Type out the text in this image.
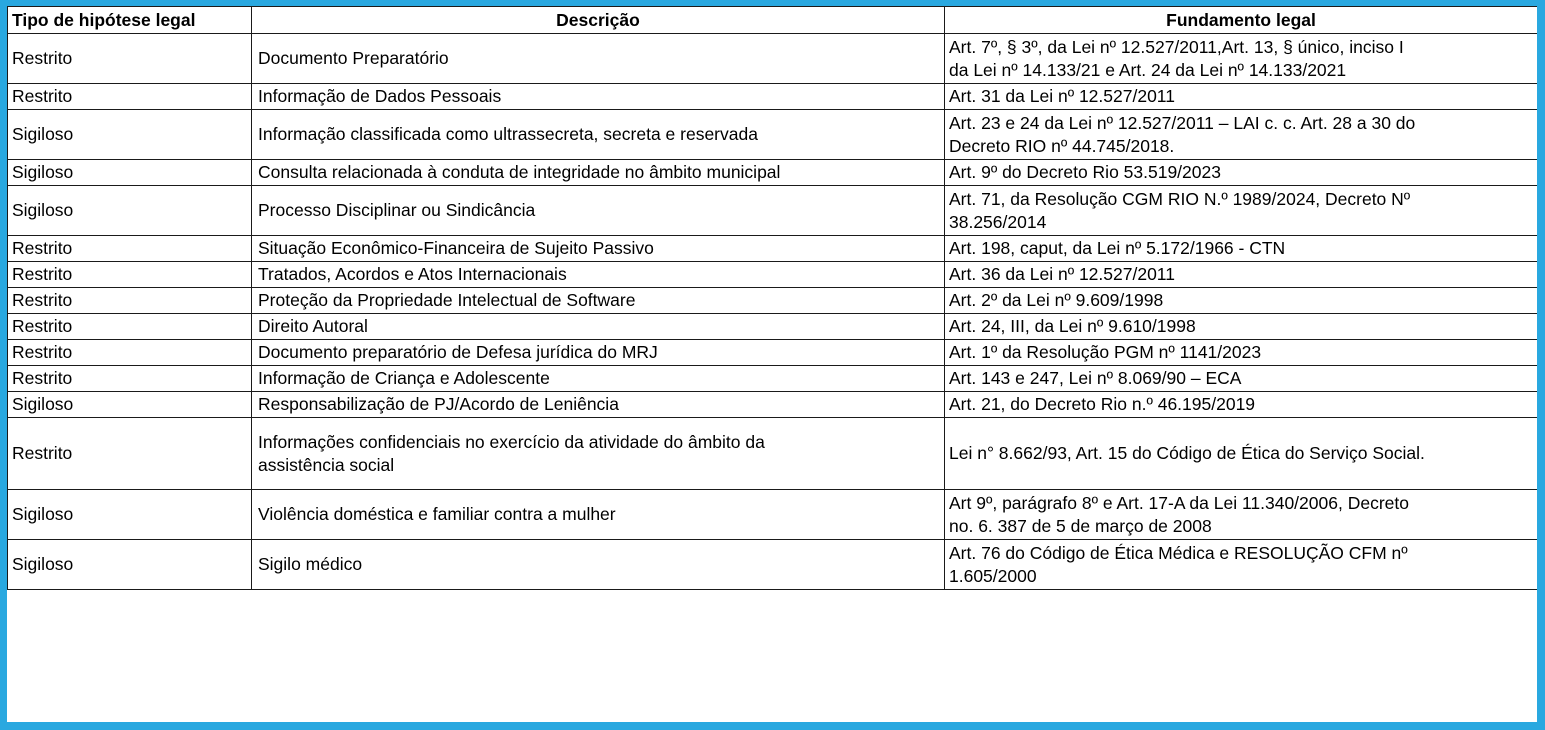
Tipo de hipótese legal	Descrição	Fundamento legal
Restrito	Documento Preparatório	Art. 7º, § 3º, da Lei nº 12.527/2011,Art. 13, § único, inciso I
da Lei nº 14.133/21 e Art. 24 da Lei nº 14.133/2021
Restrito	Informação de Dados Pessoais	Art. 31 da Lei nº 12.527/2011
Sigiloso	Informação classificada como ultrassecreta, secreta e reservada	Art. 23 e 24 da Lei nº 12.527/2011 – LAI c. c. Art. 28 a 30 do
Decreto RIO nº 44.745/2018.
Sigiloso	Consulta relacionada à conduta de integridade no âmbito municipal	Art. 9º do Decreto Rio 53.519/2023
Sigiloso	Processo Disciplinar ou Sindicância	Art. 71, da Resolução CGM RIO N.º 1989/2024, Decreto Nº
38.256/2014
Restrito	Situação Econômico-Financeira de Sujeito Passivo	Art. 198, caput, da Lei nº 5.172/1966 - CTN
Restrito	Tratados, Acordos e Atos Internacionais	Art. 36 da Lei nº 12.527/2011
Restrito	Proteção da Propriedade Intelectual de Software	Art. 2º da Lei nº 9.609/1998
Restrito	Direito Autoral	Art. 24, III, da Lei nº 9.610/1998
Restrito	Documento preparatório de Defesa jurídica do MRJ	Art. 1º da Resolução PGM nº 1141/2023
Restrito	Informação de Criança e Adolescente	Art. 143 e 247, Lei nº 8.069/90 – ECA
Sigiloso	Responsabilização de PJ/Acordo de Leniência	Art. 21, do Decreto Rio n.º 46.195/2019
Restrito	Informações confidenciais no exercício da atividade do âmbito da
assistência social	Lei n° 8.662/93, Art. 15 do Código de Ética do Serviço Social.
Sigiloso	Violência doméstica e familiar contra a mulher	Art 9º, parágrafo 8º e Art. 17-A da Lei 11.340/2006, Decreto
no. 6. 387 de 5 de março de 2008
Sigiloso	Sigilo médico	Art. 76 do Código de Ética Médica e RESOLUÇÃO CFM nº
1.605/2000
